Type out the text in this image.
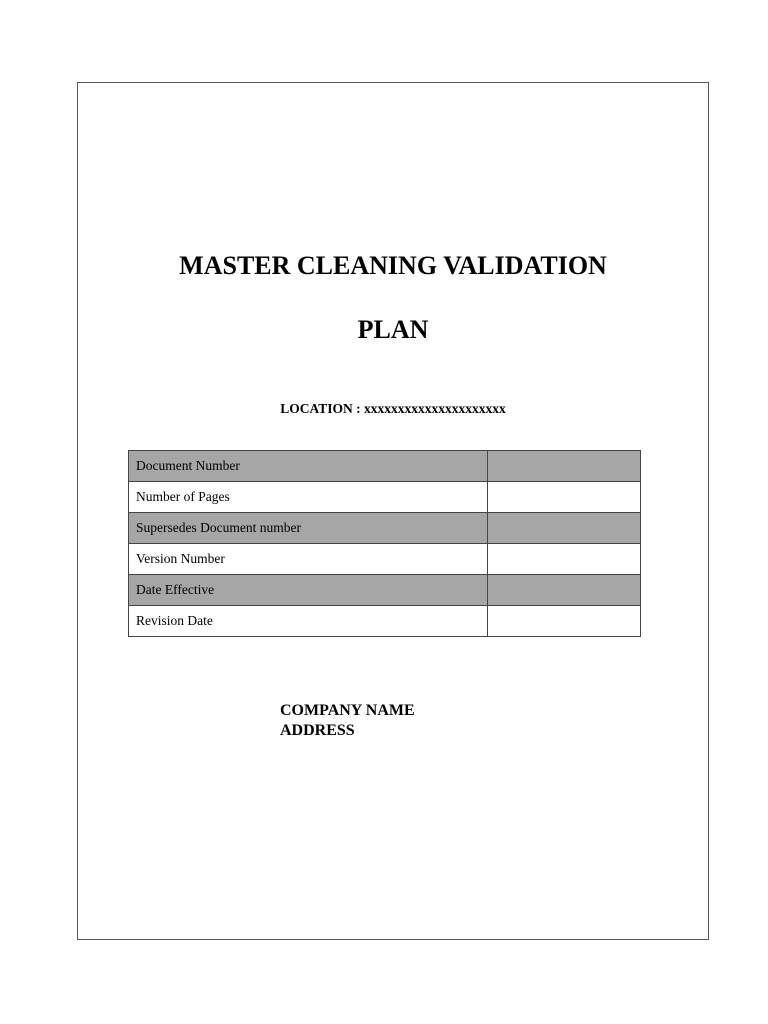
MASTER CLEANING VALIDATION
PLAN
LOCATION : xxxxxxxxxxxxxxxxxxxxx
Document Number	
Number of Pages	
Supersedes Document number	
Version Number	
Date Effective	
Revision Date	
COMPANY NAME
ADDRESS
